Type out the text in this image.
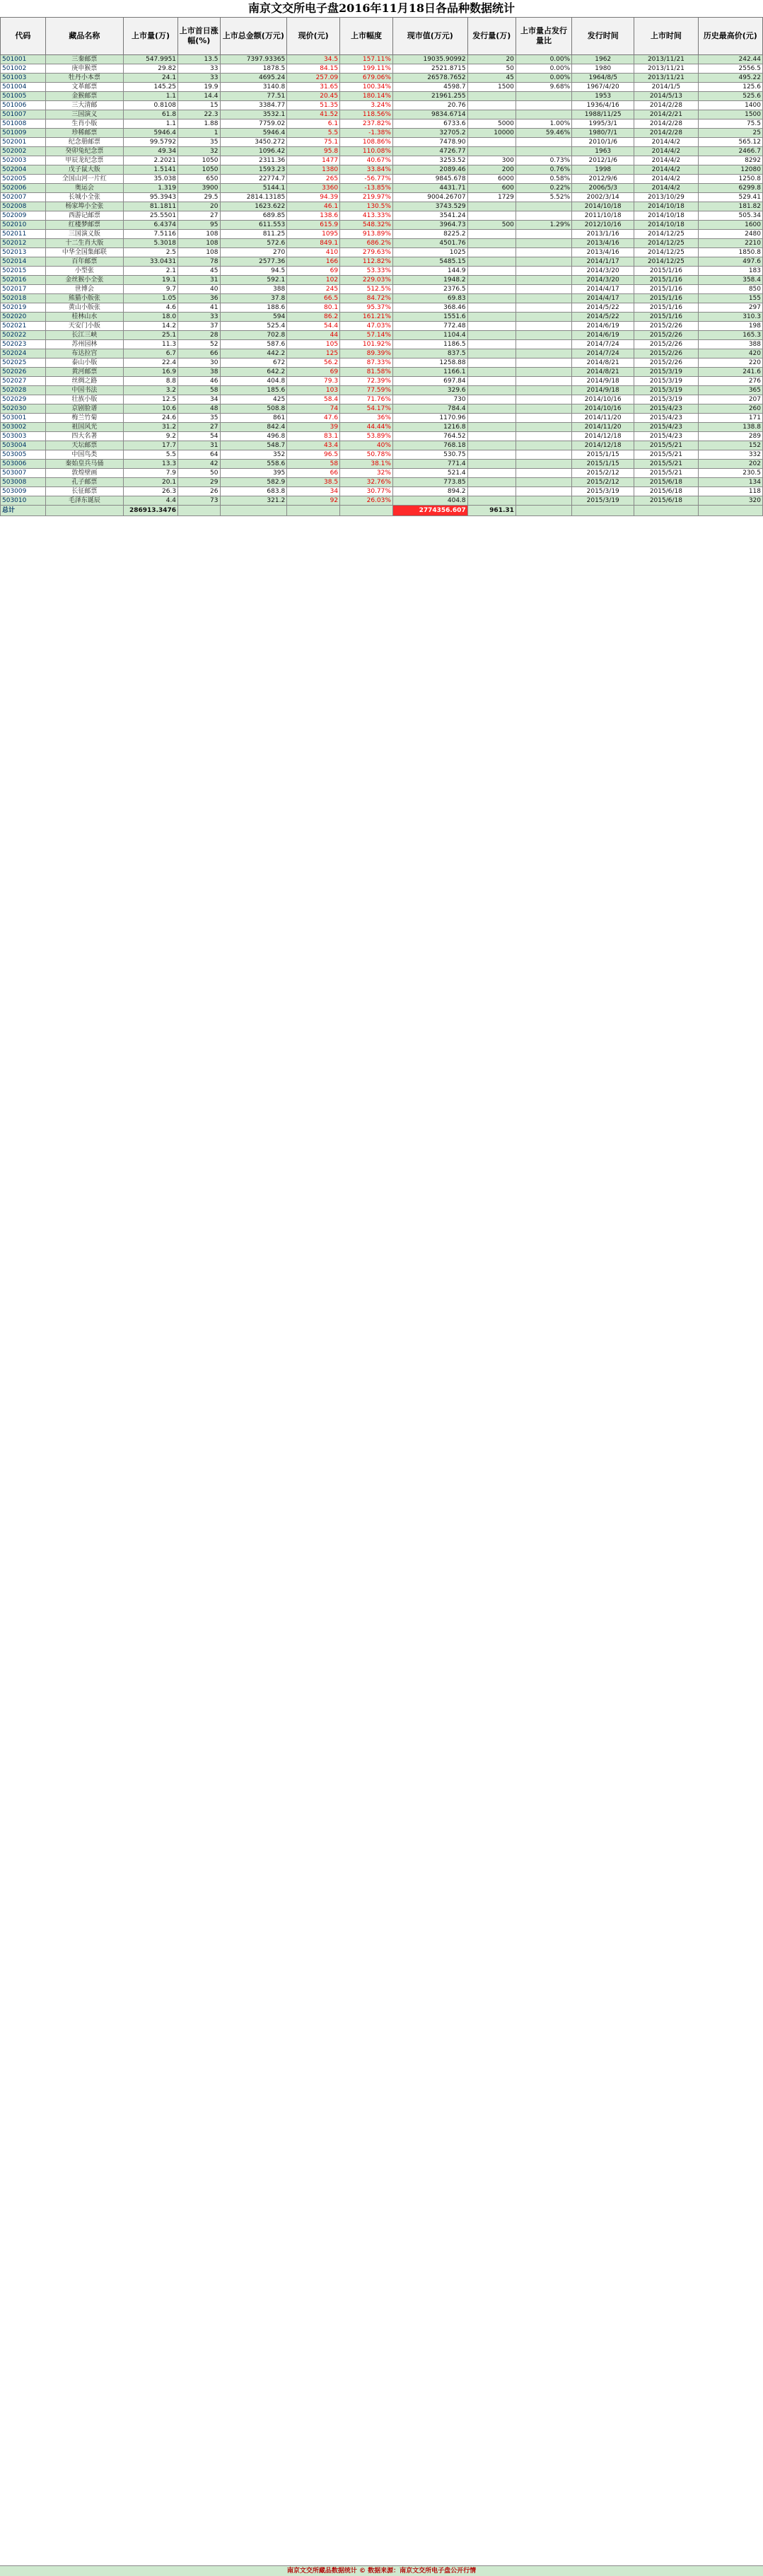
南京文交所电子盘2016年11月18日各品种数据统计
代码	藏品名称	上市量(万)	上市首日涨幅(%)	上市总金额(万元)	现价(元)	上市幅度	现市值(万元)	发行量(万)	上市量占发行量比	发行时间	上市时间	历史最高价(元)
501001	三秦邮票	547.9951	13.5	7397.93365	34.5	157.11%	19035.90992	20	0.00%	1962	2013/11/21	242.44
501002	庚申猴票	29.82	33	1878.5	84.15	199.11%	2521.8715	50	0.00%	1980	2013/11/21	2556.5
501003	牡丹小本票	24.1	33	4695.24	257.09	679.06%	26578.7652	45	0.00%	1964/8/5	2013/11/21	495.22
501004	文革邮票	145.25	19.9	3140.8	31.65	100.34%	4598.7	1500	9.68%	1967/4/20	2014/1/5	125.6
501005	金猴邮票	1.1	14.4	77.51	20.45	180.14%	21961.255			1953	2014/5/13	525.6
501006	三大清邮	0.8108	15	3384.77	51.35	3.24%	20.76			1936/4/16	2014/2/28	1400
501007	三国演义	61.8	22.3	3532.1	41.52	118.56%	9834.6714			1988/11/25	2014/2/21	1500
501008	生肖小版	1.1	1.88	7759.02	6.1	237.82%	6733.6	5000	1.00%	1995/3/1	2014/2/28	75.5
501009	珍稀邮票	5946.4	1	5946.4	5.5	-1.38%	32705.2	10000	59.46%	1980/7/1	2014/2/28	25
502001	纪念册邮票	99.5792	35	3450.272	75.1	108.86%	7478.90			2010/1/6	2014/4/2	565.12
502002	癸卯兔纪念票	49.34	32	1096.42	95.8	110.08%	4726.77			1963	2014/4/2	2466.7
502003	甲辰龙纪念票	2.2021	1050	2311.36	1477	40.67%	3253.52	300	0.73%	2012/1/6	2014/4/2	8292
502004	戊子鼠大版	1.5141	1050	1593.23	1380	33.84%	2089.46	200	0.76%	1998	2014/4/2	12080
502005	全国山河一片红	35.038	650	22774.7	265	-56.77%	9845.678	6000	0.58%	2012/9/6	2014/4/2	1250.8
502006	奥运会	1.319	3900	5144.1	3360	-13.85%	4431.71	600	0.22%	2006/5/3	2014/4/2	6299.8
502007	长城小全张	95.3943	29.5	2814.13185	94.39	219.97%	9004.26707	1729	5.52%	2002/3/14	2013/10/29	529.41
502008	杨家埠小全张	81.1811	20	1623.622	46.1	130.5%	3743.529			2014/10/18	2014/10/18	181.82
502009	西游记邮票	25.5501	27	689.85	138.6	413.33%	3541.24			2011/10/18	2014/10/18	505.34
502010	红楼梦邮票	6.4374	95	611.553	615.9	548.32%	3964.73	500	1.29%	2012/10/16	2014/10/18	1600
502011	三国演义版	7.5116	108	811.25	1095	913.89%	8225.2			2013/1/16	2014/12/25	2480
502012	十二生肖大版	5.3018	108	572.6	849.1	686.2%	4501.76			2013/4/16	2014/12/25	2210
502013	中华全国集邮联	2.5	108	270	410	279.63%	1025			2013/4/16	2014/12/25	1850.8
502014	百年邮票	33.0431	78	2577.36	166	112.82%	5485.15			2014/1/17	2014/12/25	497.6
502015	小型张	2.1	45	94.5	69	53.33%	144.9			2014/3/20	2015/1/16	183
502016	金丝猴小全张	19.1	31	592.1	102	229.03%	1948.2			2014/3/20	2015/1/16	358.4
502017	世博会	9.7	40	388	245	512.5%	2376.5			2014/4/17	2015/1/16	850
502018	熊猫小版张	1.05	36	37.8	66.5	84.72%	69.83			2014/4/17	2015/1/16	155
502019	黄山小版张	4.6	41	188.6	80.1	95.37%	368.46			2014/5/22	2015/1/16	297
502020	桂林山水	18.0	33	594	86.2	161.21%	1551.6			2014/5/22	2015/1/16	310.3
502021	天安门小版	14.2	37	525.4	54.4	47.03%	772.48			2014/6/19	2015/2/26	198
502022	长江三峡	25.1	28	702.8	44	57.14%	1104.4			2014/6/19	2015/2/26	165.3
502023	苏州园林	11.3	52	587.6	105	101.92%	1186.5			2014/7/24	2015/2/26	388
502024	布达拉宫	6.7	66	442.2	125	89.39%	837.5			2014/7/24	2015/2/26	420
502025	泰山小版	22.4	30	672	56.2	87.33%	1258.88			2014/8/21	2015/2/26	220
502026	黄河邮票	16.9	38	642.2	69	81.58%	1166.1			2014/8/21	2015/3/19	241.6
502027	丝绸之路	8.8	46	404.8	79.3	72.39%	697.84			2014/9/18	2015/3/19	276
502028	中国书法	3.2	58	185.6	103	77.59%	329.6			2014/9/18	2015/3/19	365
502029	壮族小版	12.5	34	425	58.4	71.76%	730			2014/10/16	2015/3/19	207
502030	京剧脸谱	10.6	48	508.8	74	54.17%	784.4			2014/10/16	2015/4/23	260
503001	梅兰竹菊	24.6	35	861	47.6	36%	1170.96			2014/11/20	2015/4/23	171
503002	祖国风光	31.2	27	842.4	39	44.44%	1216.8			2014/11/20	2015/4/23	138.8
503003	四大名著	9.2	54	496.8	83.1	53.89%	764.52			2014/12/18	2015/4/23	289
503004	天坛邮票	17.7	31	548.7	43.4	40%	768.18			2014/12/18	2015/5/21	152
503005	中国鸟类	5.5	64	352	96.5	50.78%	530.75			2015/1/15	2015/5/21	332
503006	秦始皇兵马俑	13.3	42	558.6	58	38.1%	771.4			2015/1/15	2015/5/21	202
503007	敦煌壁画	7.9	50	395	66	32%	521.4			2015/2/12	2015/5/21	230.5
503008	孔子邮票	20.1	29	582.9	38.5	32.76%	773.85			2015/2/12	2015/6/18	134
503009	长征邮票	26.3	26	683.8	34	30.77%	894.2			2015/3/19	2015/6/18	118
503010	毛泽东诞辰	4.4	73	321.2	92	26.03%	404.8			2015/3/19	2015/6/18	320
总计		286913.3476					2774356.607	961.31				
南京文交所藏品数据统计 © 数据来源：南京文交所电子盘公开行情
